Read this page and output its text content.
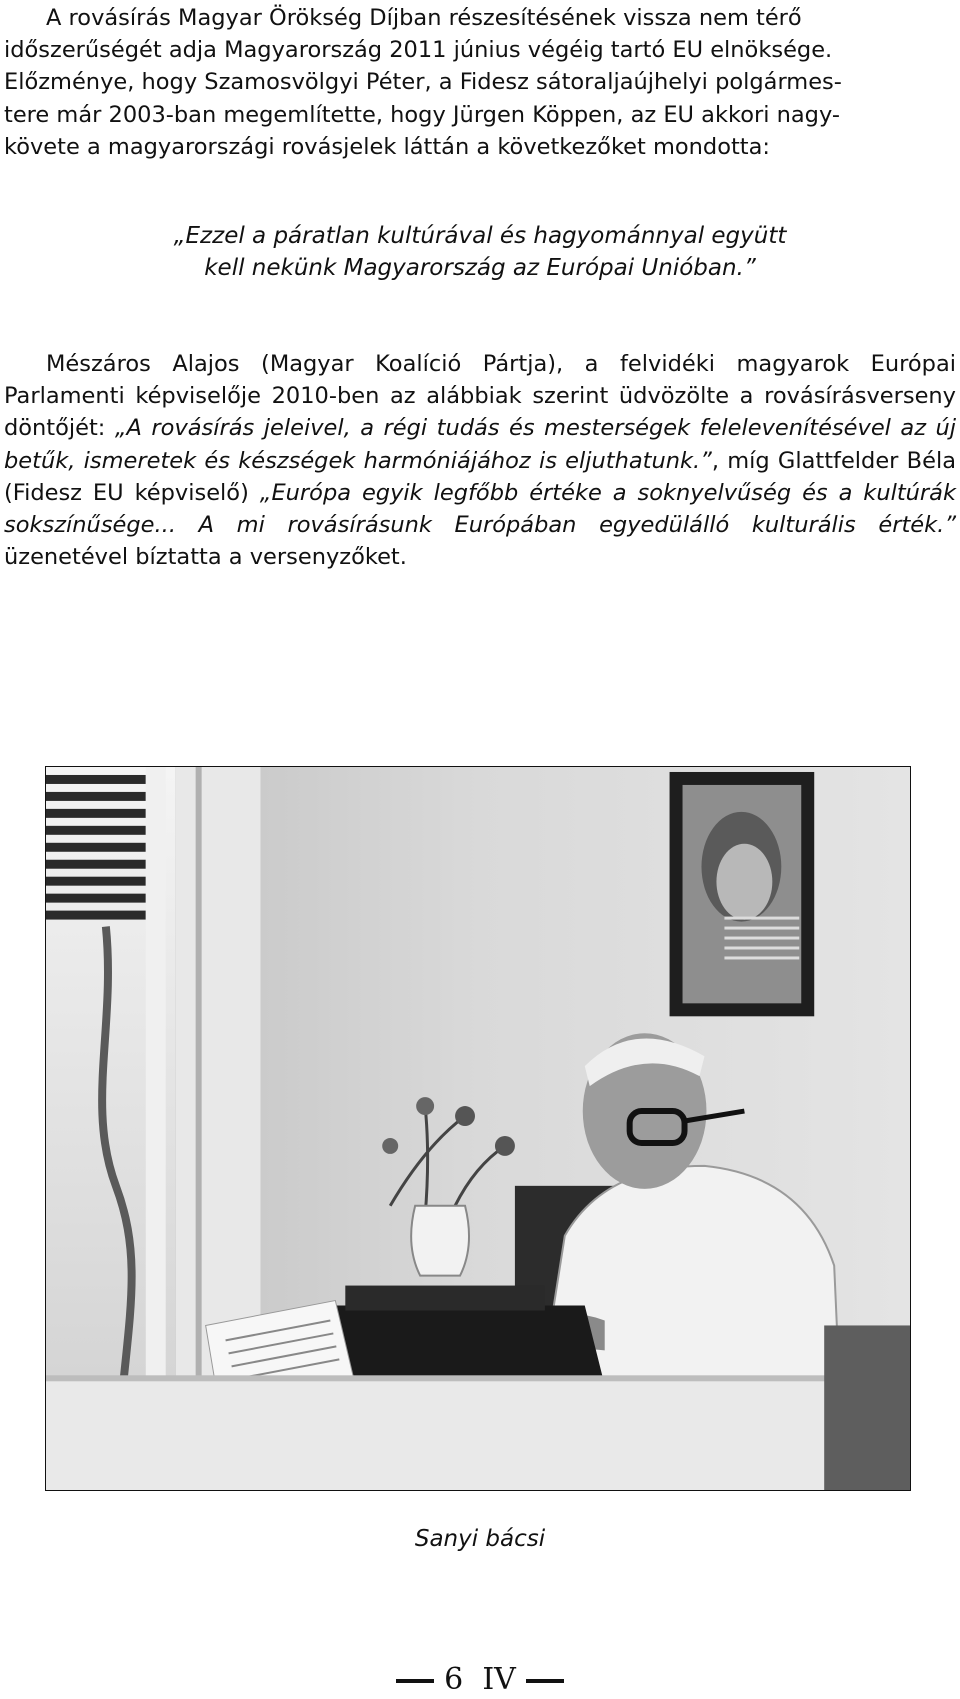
A rovásírás Magyar Örökség Díjban részesítésének vissza nem térő
időszerűségét adja Magyarország 2011 június végéig tartó EU elnöksége.
Előzménye, hogy Szamosvölgyi Péter, a Fidesz sátoraljaújhelyi polgármes-
tere már 2003-ban megemlítette, hogy Jürgen Köppen, az EU akkori nagy-
követe a magyarországi rovásjelek láttán a következőket mondotta:
„Ezzel a páratlan kultúrával és hagyománnyal együtt
kell nekünk Magyarország az Európai Unióban.”

Mészáros Alajos (Magyar Koalíció Pártja), a felvidéki magyarok Európai Parlamenti képviselője 2010-ben az alábbiak szerint üdvözölte a rovásírásverseny döntőjét: „A rovásírás jeleivel, a régi tudás és mesterségek felelevenítésével az új betűk, ismeretek és készségek harmóniájához is eljuthatunk.”, míg Glattfelder Béla (Fidesz EU képviselő) „Európa egyik legfőbb értéke a soknyelvűség és a kultúrák sokszínűsége... A mi rovásírásunk Európában egyedülálló kulturális érték.” üzenetével bíztatta a versenyzőket.

Sanyi bácsi

6 IV
